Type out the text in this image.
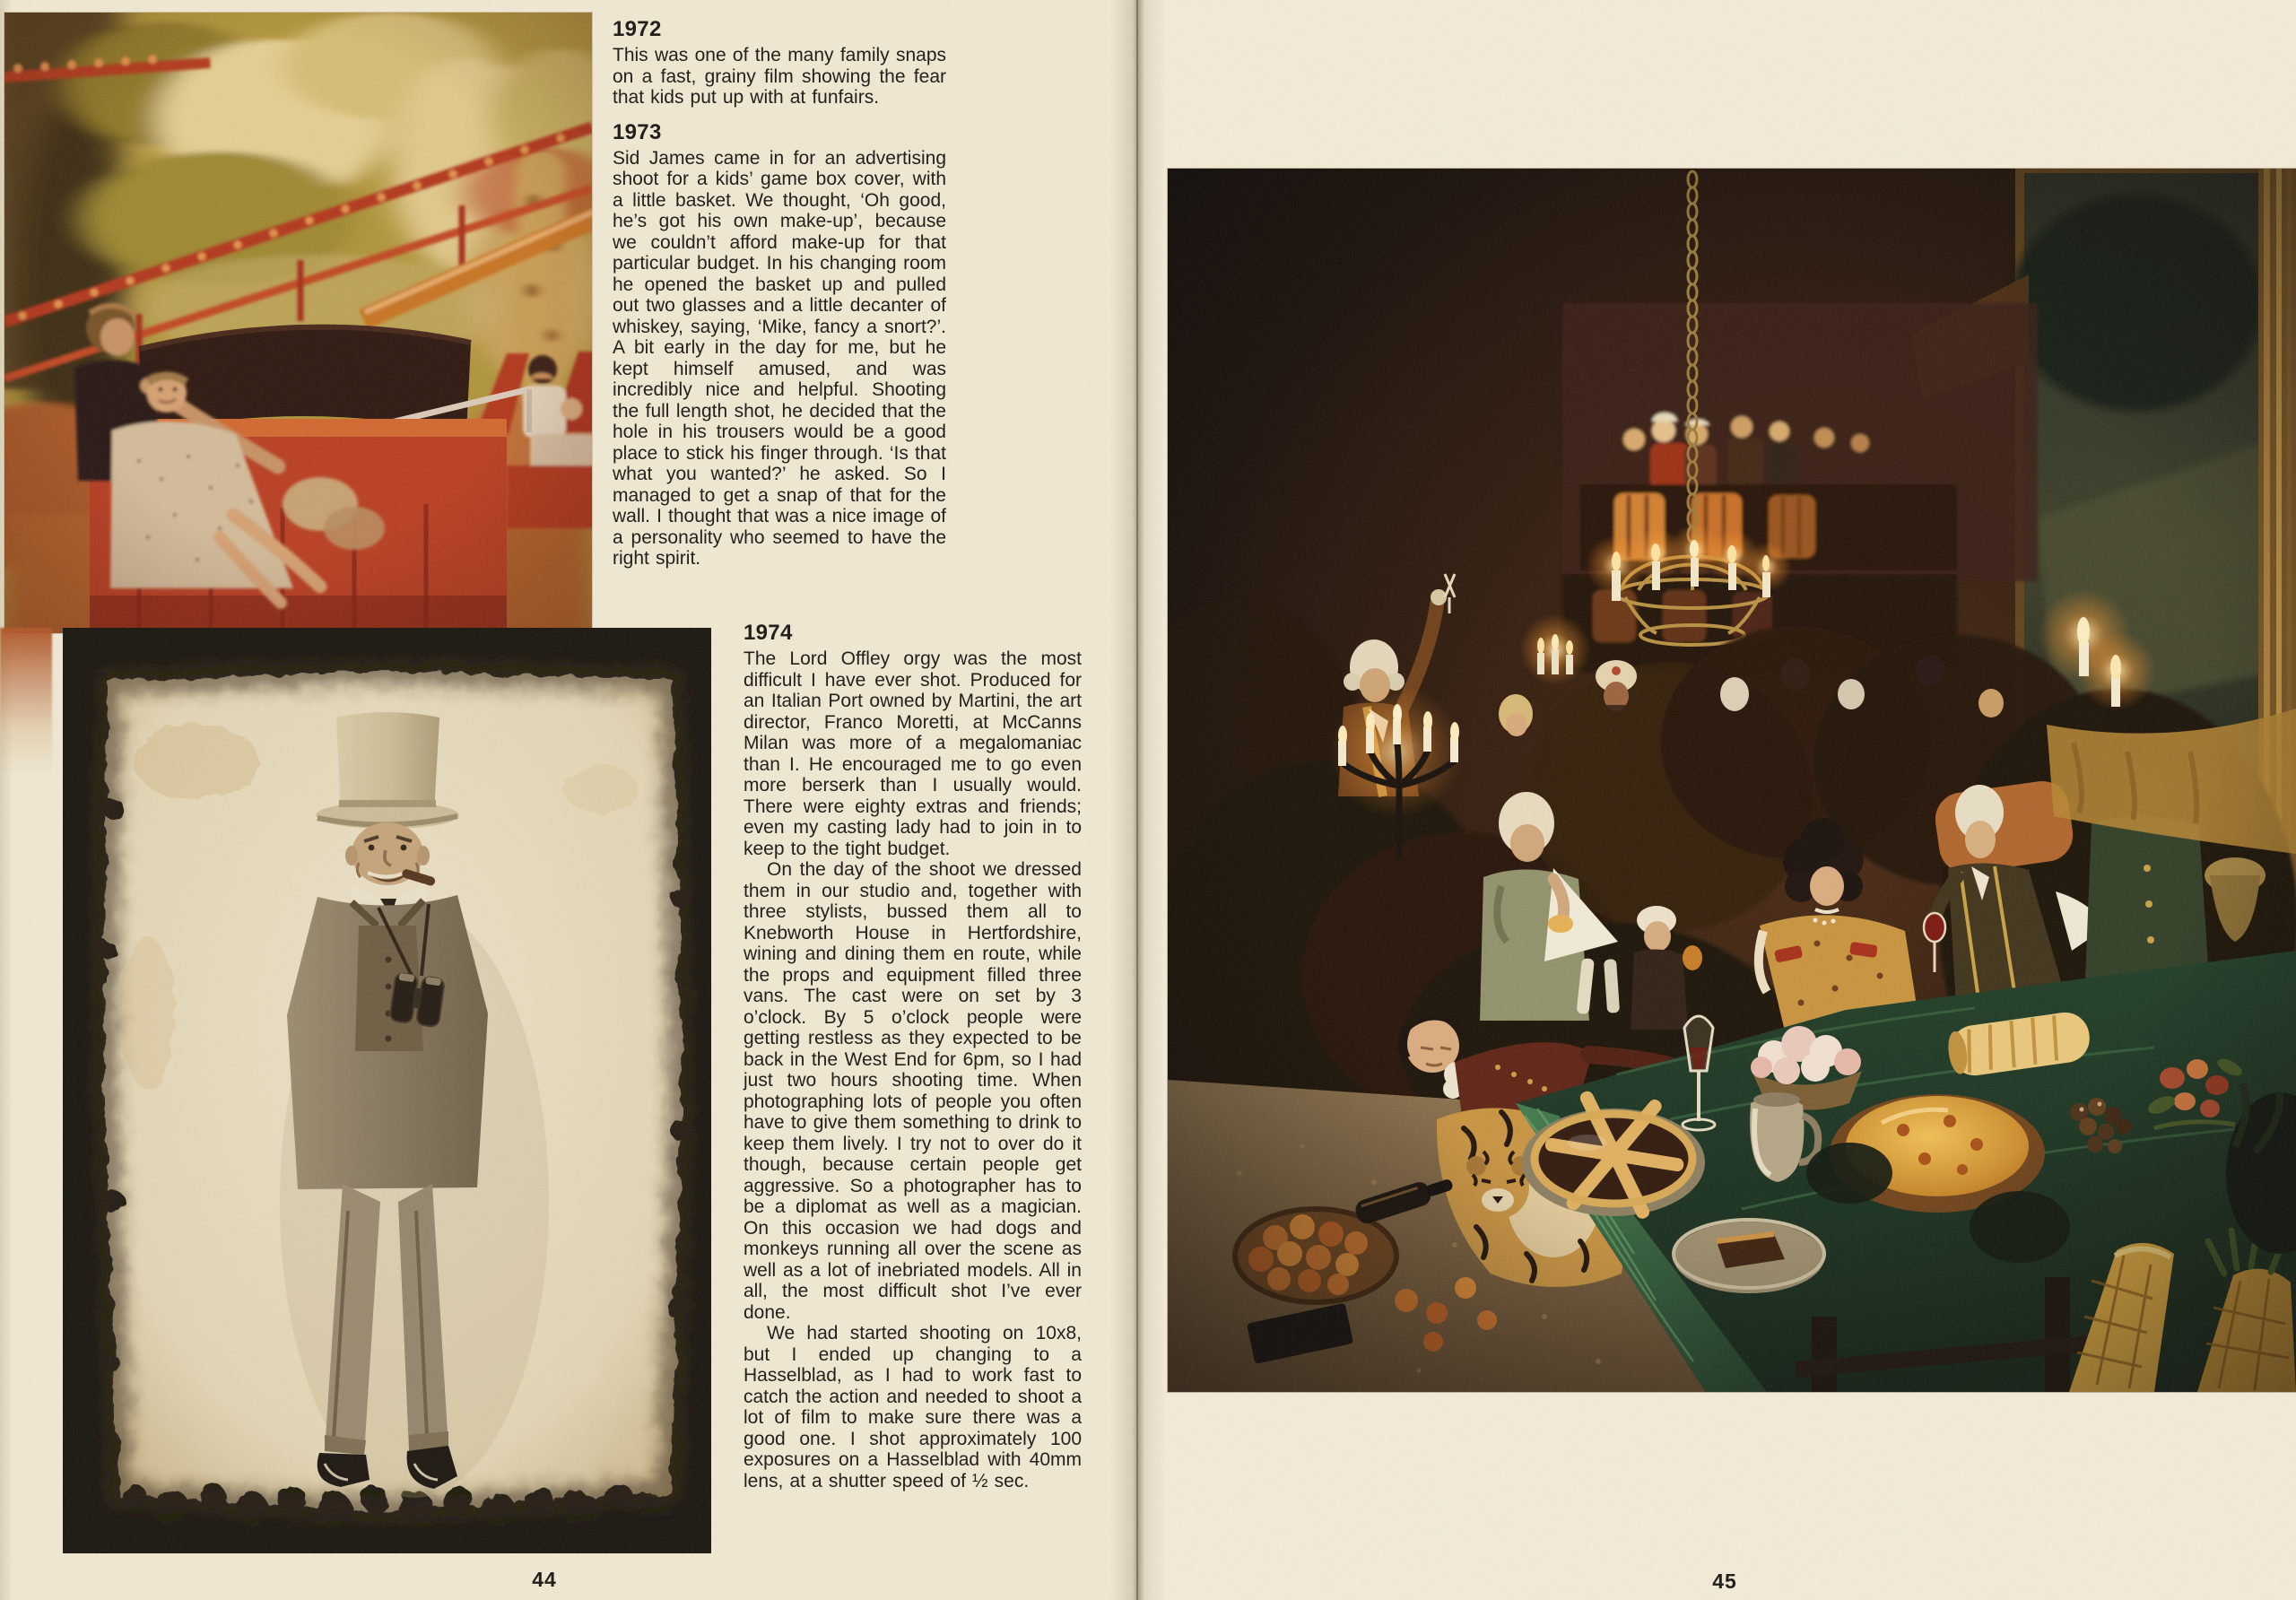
1972

This was one of the many family snaps on a fast, grainy film showing the fear that kids put up with at funfairs.

1973

Sid James came in for an advertising shoot for a kids’ game box cover, with a little basket. We thought, ‘Oh good, he’s got his own make-up’, because we couldn’t afford make-up for that particular budget. In his changing room he opened the basket up and pulled out two glasses and a little decanter of whiskey, saying, ‘Mike, fancy a snort?’. A bit early in the day for me, but he kept himself amused, and was incredibly nice and helpful. Shooting the full length shot, he decided that the hole in his trousers would be a good place to stick his finger through. ‘Is that what you wanted?’ he asked. So I managed to get a snap of that for the wall. I thought that was a nice image of a personality who seemed to have the right spirit.

1974

The Lord Offley orgy was the most difficult I have ever shot. Produced for an Italian Port owned by Martini, the art director, Franco Moretti, at McCanns Milan was more of a megalomaniac than I. He encouraged me to go even more berserk than I usually would. There were eighty extras and friends; even my casting lady had to join in to keep to the tight budget.

On the day of the shoot we dressed them in our studio and, together with three stylists, bussed them all to Knebworth House in Hertfordshire, wining and dining them en route, while the props and equipment filled three vans. The cast were on set by 3 o’clock. By 5 o’clock people were getting restless as they expected to be back in the West End for 6pm, so I had just two hours shooting time. When photographing lots of people you often have to give them something to drink to keep them lively. I try not to over do it though, because certain people get aggressive. So a photographer has to be a diplomat as well as a magician. On this occasion we had dogs and monkeys running all over the scene as well as a lot of inebriated models. All in all, the most difficult shot I’ve ever done.

We had started shooting on 10x8, but I ended up changing to a Hasselblad, as I had to work fast to catch the action and needed to shoot a lot of film to make sure there was a good one. I shot approximately 100 exposures on a Hasselblad with 40mm lens, at a shutter speed of ½ sec.

44	45
